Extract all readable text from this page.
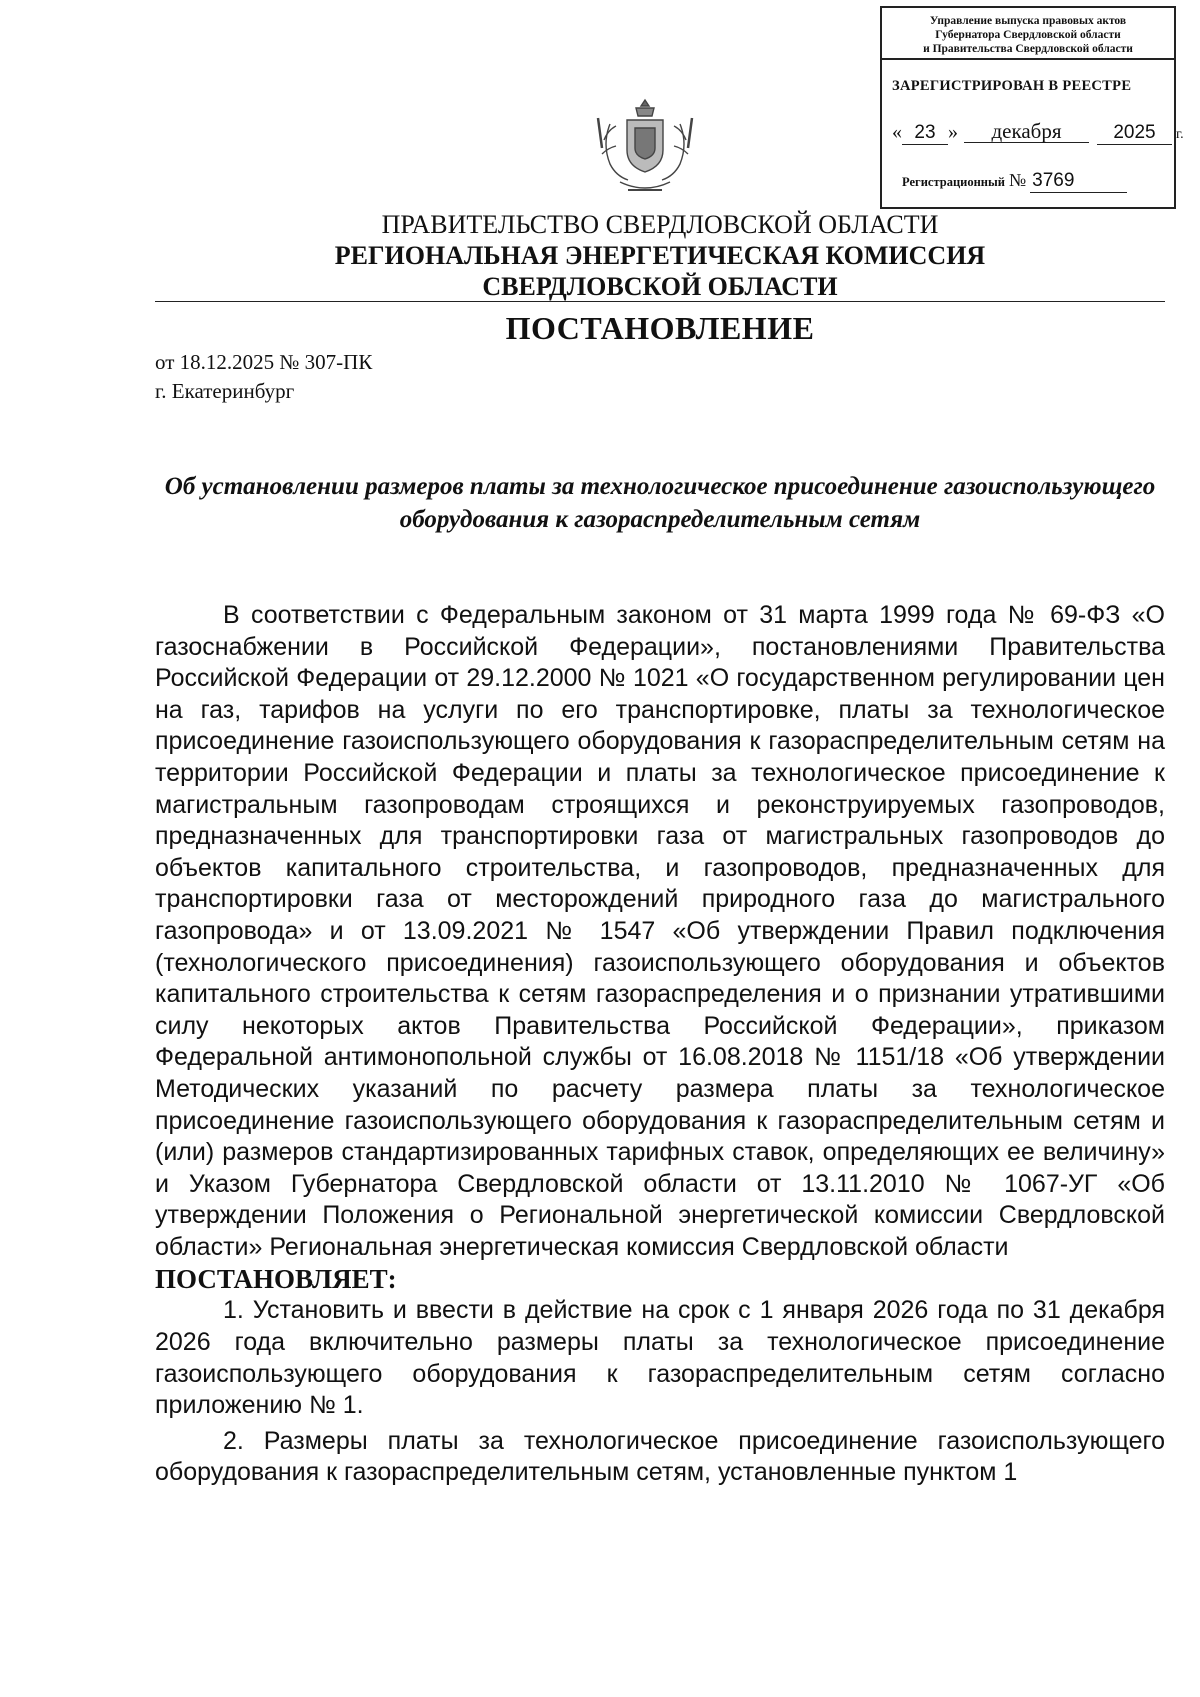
Управление выпуска правовых актов
Губернатора Свердловской области
и Правительства Свердловской области
ЗАРЕГИСТРИРОВАН В РЕЕСТРЕ
« 23 » декабря	2025 г.
Регистрационный № 3769
ПРАВИТЕЛЬСТВО СВЕРДЛОВСКОЙ ОБЛАСТИ
РЕГИОНАЛЬНАЯ ЭНЕРГЕТИЧЕСКАЯ КОМИССИЯ
СВЕРДЛОВСКОЙ ОБЛАСТИ
ПОСТАНОВЛЕНИЕ
от 18.12.2025 № 307-ПК
г. Екатеринбург
Об установлении размеров платы за технологическое присоединение газоиспользующего оборудования к газораспределительным сетям

В соответствии с Федеральным законом от 31 марта 1999 года № 69-ФЗ «О газоснабжении в Российской Федерации», постановлениями Правительства Российской Федерации от 29.12.2000 № 1021 «О государственном регулировании цен на газ, тарифов на услуги по его транспортировке, платы за технологическое присоединение газоиспользующего оборудования к газораспределительным сетям на территории Российской Федерации и платы за технологическое присоединение к магистральным газопроводам строящихся и реконструируемых газопроводов, предназначенных для транспортировки газа от магистральных газопроводов до объектов капитального строительства, и газопроводов, предназначенных для транспортировки газа от месторождений природного газа до магистрального газопровода» и от 13.09.2021 № 1547 «Об утверждении Правил подключения (технологического присоединения) газоиспользующего оборудования и объектов капитального строительства к сетям газораспределения и о признании утратившими силу некоторых актов Правительства Российской Федерации», приказом Федеральной антимонопольной службы от 16.08.2018 № 1151/18 «Об утверждении Методических указаний по расчету размера платы за технологическое присоединение газоиспользующего оборудования к газораспределительным сетям и (или) размеров стандартизированных тарифных ставок, определяющих ее величину» и Указом Губернатора Свердловской области от 13.11.2010 № 1067-УГ «Об утверждении Положения о Региональной энергетической комиссии Свердловской области» Региональная энергетическая комиссия Свердловской области

ПОСТАНОВЛЯЕТ:

1. Установить и ввести в действие на срок с 1 января 2026 года по 31 декабря 2026 года включительно размеры платы за технологическое присоединение газоиспользующего оборудования к газораспределительным сетям согласно приложению № 1.

2. Размеры платы за технологическое присоединение газоиспользующего оборудования к газораспределительным сетям, установленные пунктом 1
